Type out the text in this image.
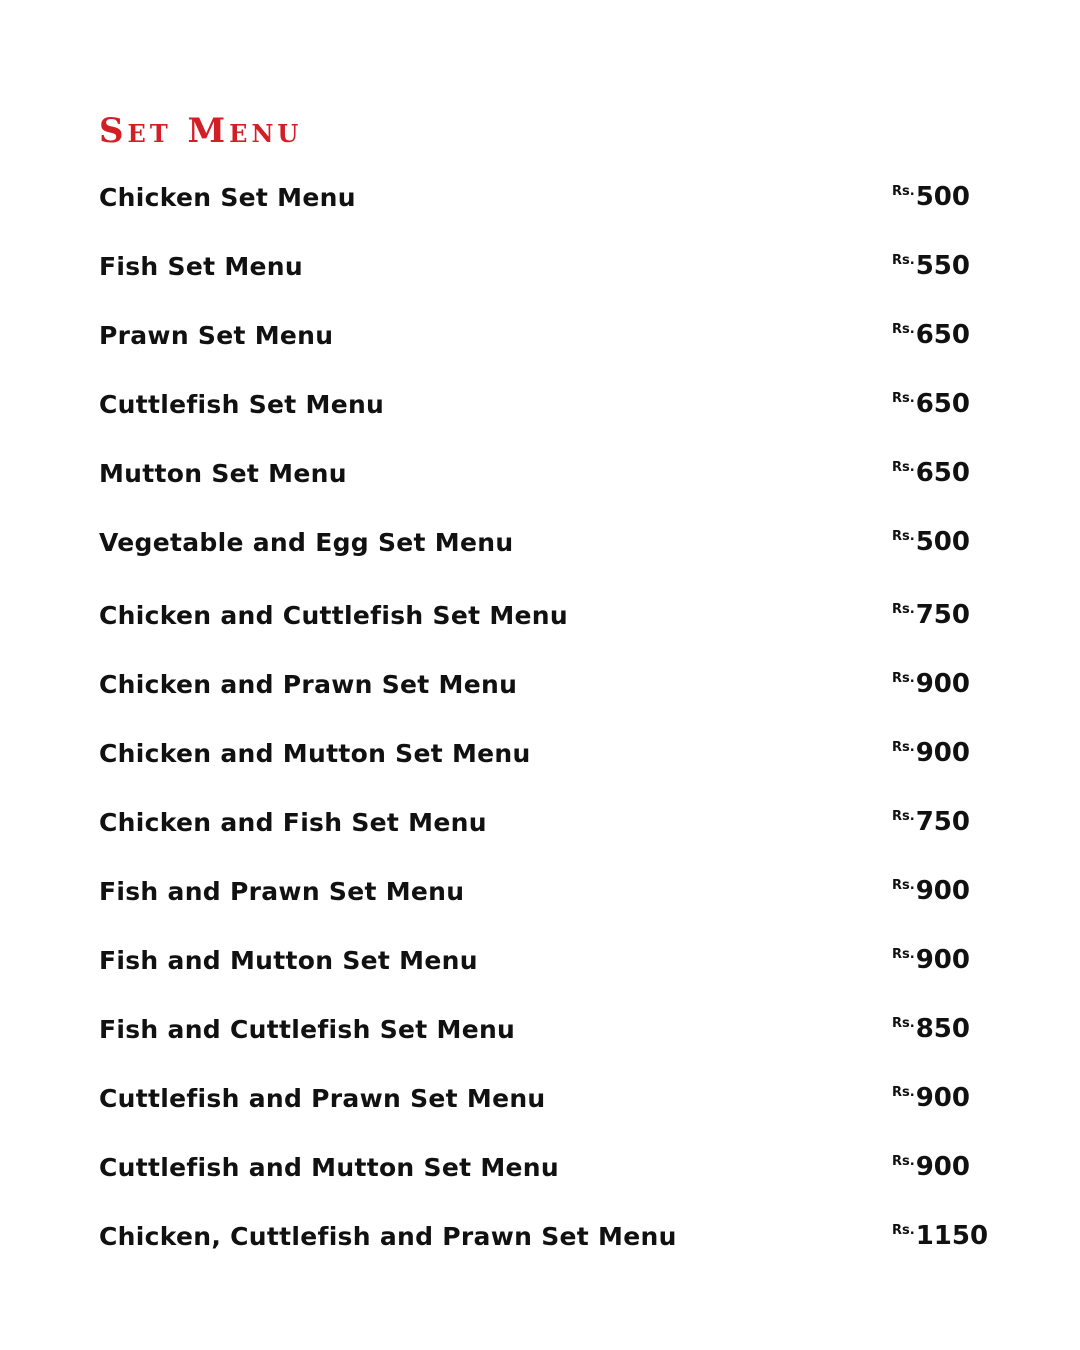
Set Menu
Chicken Set Menu	Rs. 500
Fish Set Menu	Rs. 550
Prawn Set Menu	Rs. 650
Cuttlefish Set Menu	Rs. 650
Mutton Set Menu	Rs. 650
Vegetable and Egg Set Menu	Rs. 500
Chicken and Cuttlefish Set Menu	Rs. 750
Chicken and Prawn Set Menu	Rs. 900
Chicken and Mutton Set Menu	Rs. 900
Chicken and Fish Set Menu	Rs. 750
Fish and Prawn Set Menu	Rs. 900
Fish and Mutton Set Menu	Rs. 900
Fish and Cuttlefish Set Menu	Rs. 850
Cuttlefish and Prawn Set Menu	Rs. 900
Cuttlefish and Mutton Set Menu	Rs. 900
Chicken, Cuttlefish and Prawn Set Menu	Rs. 1150
